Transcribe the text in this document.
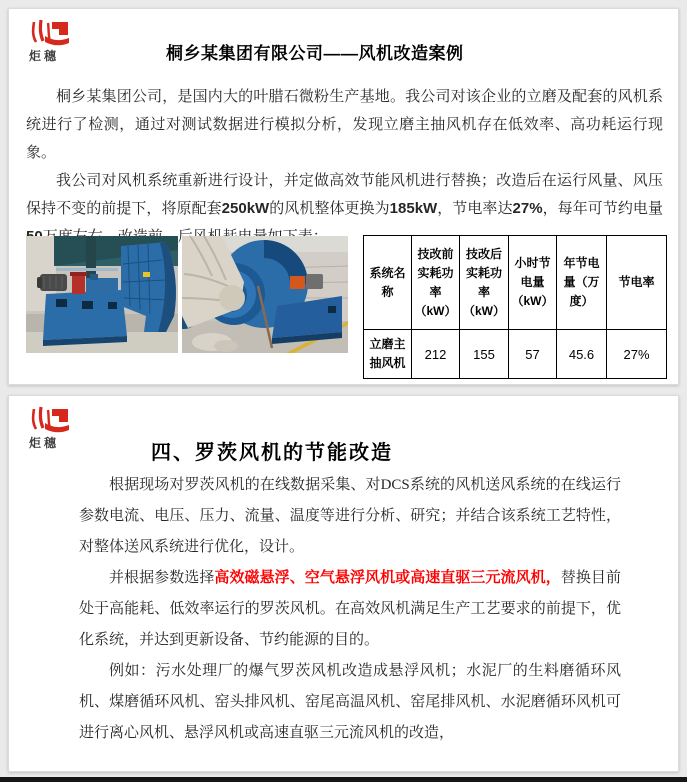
炬穗	桐乡某集团有限公司——风机改造案例

桐乡某集团公司，是国内大的叶腊石微粉生产基地。我公司对该企业的立磨及配套的风机系统进行了检测，通过对测试数据进行模拟分析，发现立磨主抽风机存在低效率、高功耗运行现象。

我公司对风机系统重新进行设计，并定做高效节能风机进行替换；改造后在运行风量、风压保持不变的前提下，将原配套250kW的风机整体更换为185kW，节电率达27%，每年可节约电量

系统名称	技改前实耗功率（kW）	技改后实耗功率（kW）	小时节电量（kW）	年节电量（万度）	节电率
立磨主抽风机	212	155	57	45.6	27%
炬穗	四、罗茨风机的节能改造

根据现场对罗茨风机的在线数据采集、对DCS系统的风机送风系统的在线运行参数电流、电压、压力、流量、温度等进行分析、研究；并结合该系统工艺特性，对整体送风系统进行优化，设计。

并根据参数选择高效磁悬浮、空气悬浮风机或高速直驱三元流风机，替换目前处于高能耗、低效率运行的罗茨风机。在高效风机满足生产工艺要求的前提下，优化系统，并达到更新设备、节约能源的目的。

例如：污水处理厂的爆气罗茨风机改造成悬浮风机；水泥厂的生料磨循环风机、煤磨循环风机、窑头排风机、窑尾高温风机、窑尾排风机、水泥磨循环风机可进行离心风机、悬浮风机或高速直驱三元流风机的改造，
